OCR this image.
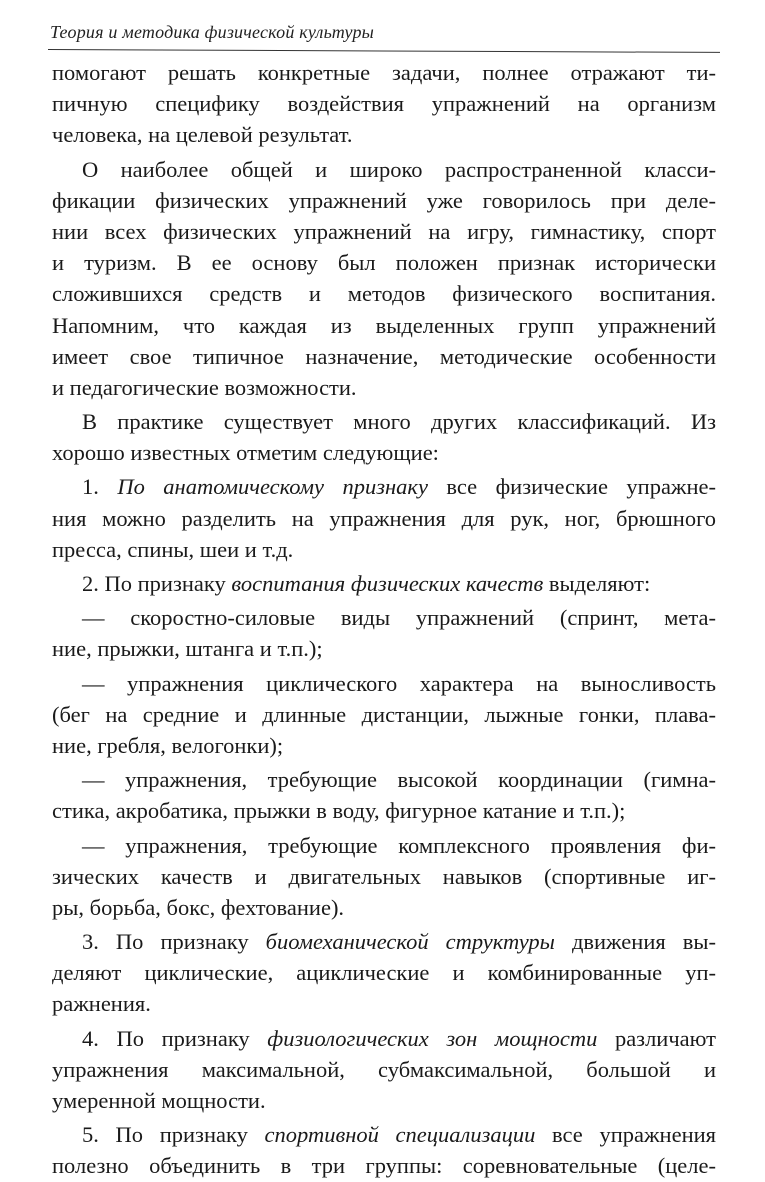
Теория и методика физической культуры
помогают решать конкретные задачи, полнее отражают ти-
пичную специфику воздействия упражнений на организм
человека, на целевой результат.
О наиболее общей и широко распространенной класси-
фикации физических упражнений уже говорилось при деле-
нии всех физических упражнений на игру, гимнастику, спорт
и туризм. В ее основу был положен признак исторически
сложившихся средств и методов физического воспитания.
Напомним, что каждая из выделенных групп упражнений
имеет свое типичное назначение, методические особенности
и педагогические возможности.
В практике существует много других классификаций. Из
хорошо известных отметим следующие:
1. По анатомическому признаку все физические упражне-
ния можно разделить на упражнения для рук, ног, брюшного
пресса, спины, шеи и т.д.
2. По признаку воспитания физических качеств выделяют:
— скоростно-силовые виды упражнений (спринт, мета-
ние, прыжки, штанга и т.п.);
— упражнения циклического характера на выносливость
(бег на средние и длинные дистанции, лыжные гонки, плава-
ние, гребля, велогонки);
— упражнения, требующие высокой координации (гимна-
стика, акробатика, прыжки в воду, фигурное катание и т.п.);
— упражнения, требующие комплексного проявления фи-
зических качеств и двигательных навыков (спортивные иг-
ры, борьба, бокс, фехтование).
3. По признаку биомеханической структуры движения вы-
деляют циклические, ациклические и комбинированные уп-
ражнения.
4. По признаку физиологических зон мощности различают
упражнения максимальной, субмаксимальной, большой и
умеренной мощности.
5. По признаку спортивной специализации все упражнения
полезно объединить в три группы: соревновательные (целе-
